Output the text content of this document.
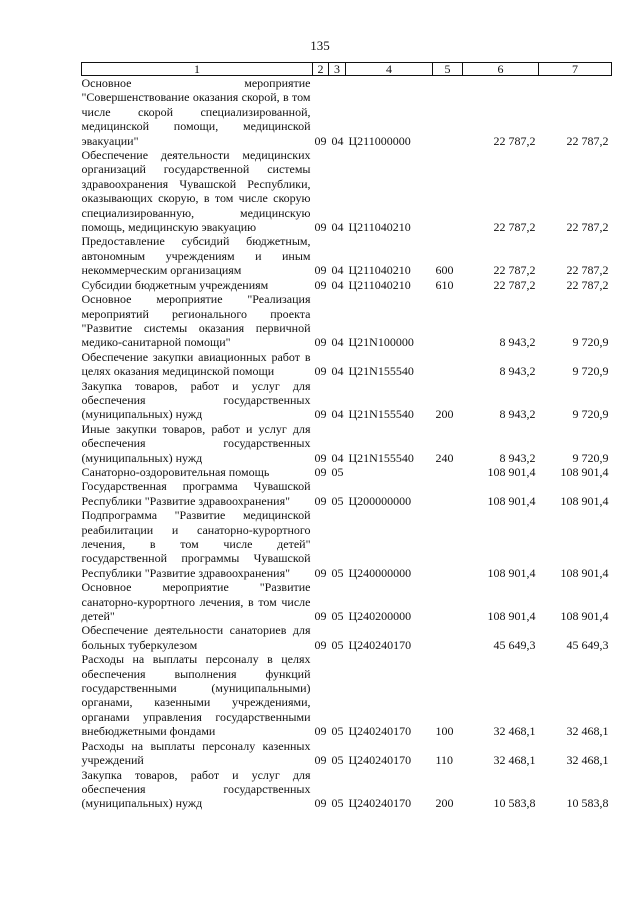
135
1	2	3	4	5	6	7
Основное мероприятие "Совершенствование оказания скорой, в том числе скорой специализированной, медицинской помощи, медицинской эвакуации"	09	04	Ц211000000		22 787,2	22 787,2
Обеспечение деятельности медицинских организаций государственной системы здравоохранения Чувашской Республики, оказывающих скорую, в том числе скорую специализированную, медицинскую помощь, медицинскую эвакуацию	09	04	Ц211040210		22 787,2	22 787,2
Предоставление субсидий бюджетным, автономным учреждениям и иным некоммерческим организациям	09	04	Ц211040210	600	22 787,2	22 787,2
Субсидии бюджетным учреждениям	09	04	Ц211040210	610	22 787,2	22 787,2
Основное мероприятие "Реализация мероприятий регионального проекта "Развитие системы оказания первичной медико-санитарной помощи"	09	04	Ц21N100000		8 943,2	9 720,9
Обеспечение закупки авиационных работ в целях оказания медицинской помощи	09	04	Ц21N155540		8 943,2	9 720,9
Закупка товаров, работ и услуг для обеспечения государственных (муниципальных) нужд	09	04	Ц21N155540	200	8 943,2	9 720,9
Иные закупки товаров, работ и услуг для обеспечения государственных (муниципальных) нужд	09	04	Ц21N155540	240	8 943,2	9 720,9
Санаторно-оздоровительная помощь	09	05			108 901,4	108 901,4
Государственная программа Чувашской Республики "Развитие здравоохранения"	09	05	Ц200000000		108 901,4	108 901,4
Подпрограмма "Развитие медицинской реабилитации и санаторно-курортного лечения, в том числе детей" государственной программы Чувашской Республики "Развитие здравоохранения"	09	05	Ц240000000		108 901,4	108 901,4
Основное мероприятие "Развитие санаторно-курортного лечения, в том числе детей"	09	05	Ц240200000		108 901,4	108 901,4
Обеспечение деятельности санаториев для больных туберкулезом	09	05	Ц240240170		45 649,3	45 649,3
Расходы на выплаты персоналу в целях обеспечения выполнения функций государственными (муниципальными) органами, казенными учреждениями, органами управления государственными внебюджетными фондами	09	05	Ц240240170	100	32 468,1	32 468,1
Расходы на выплаты персоналу казенных учреждений	09	05	Ц240240170	110	32 468,1	32 468,1
Закупка товаров, работ и услуг для обеспечения государственных (муниципальных) нужд	09	05	Ц240240170	200	10 583,8	10 583,8
